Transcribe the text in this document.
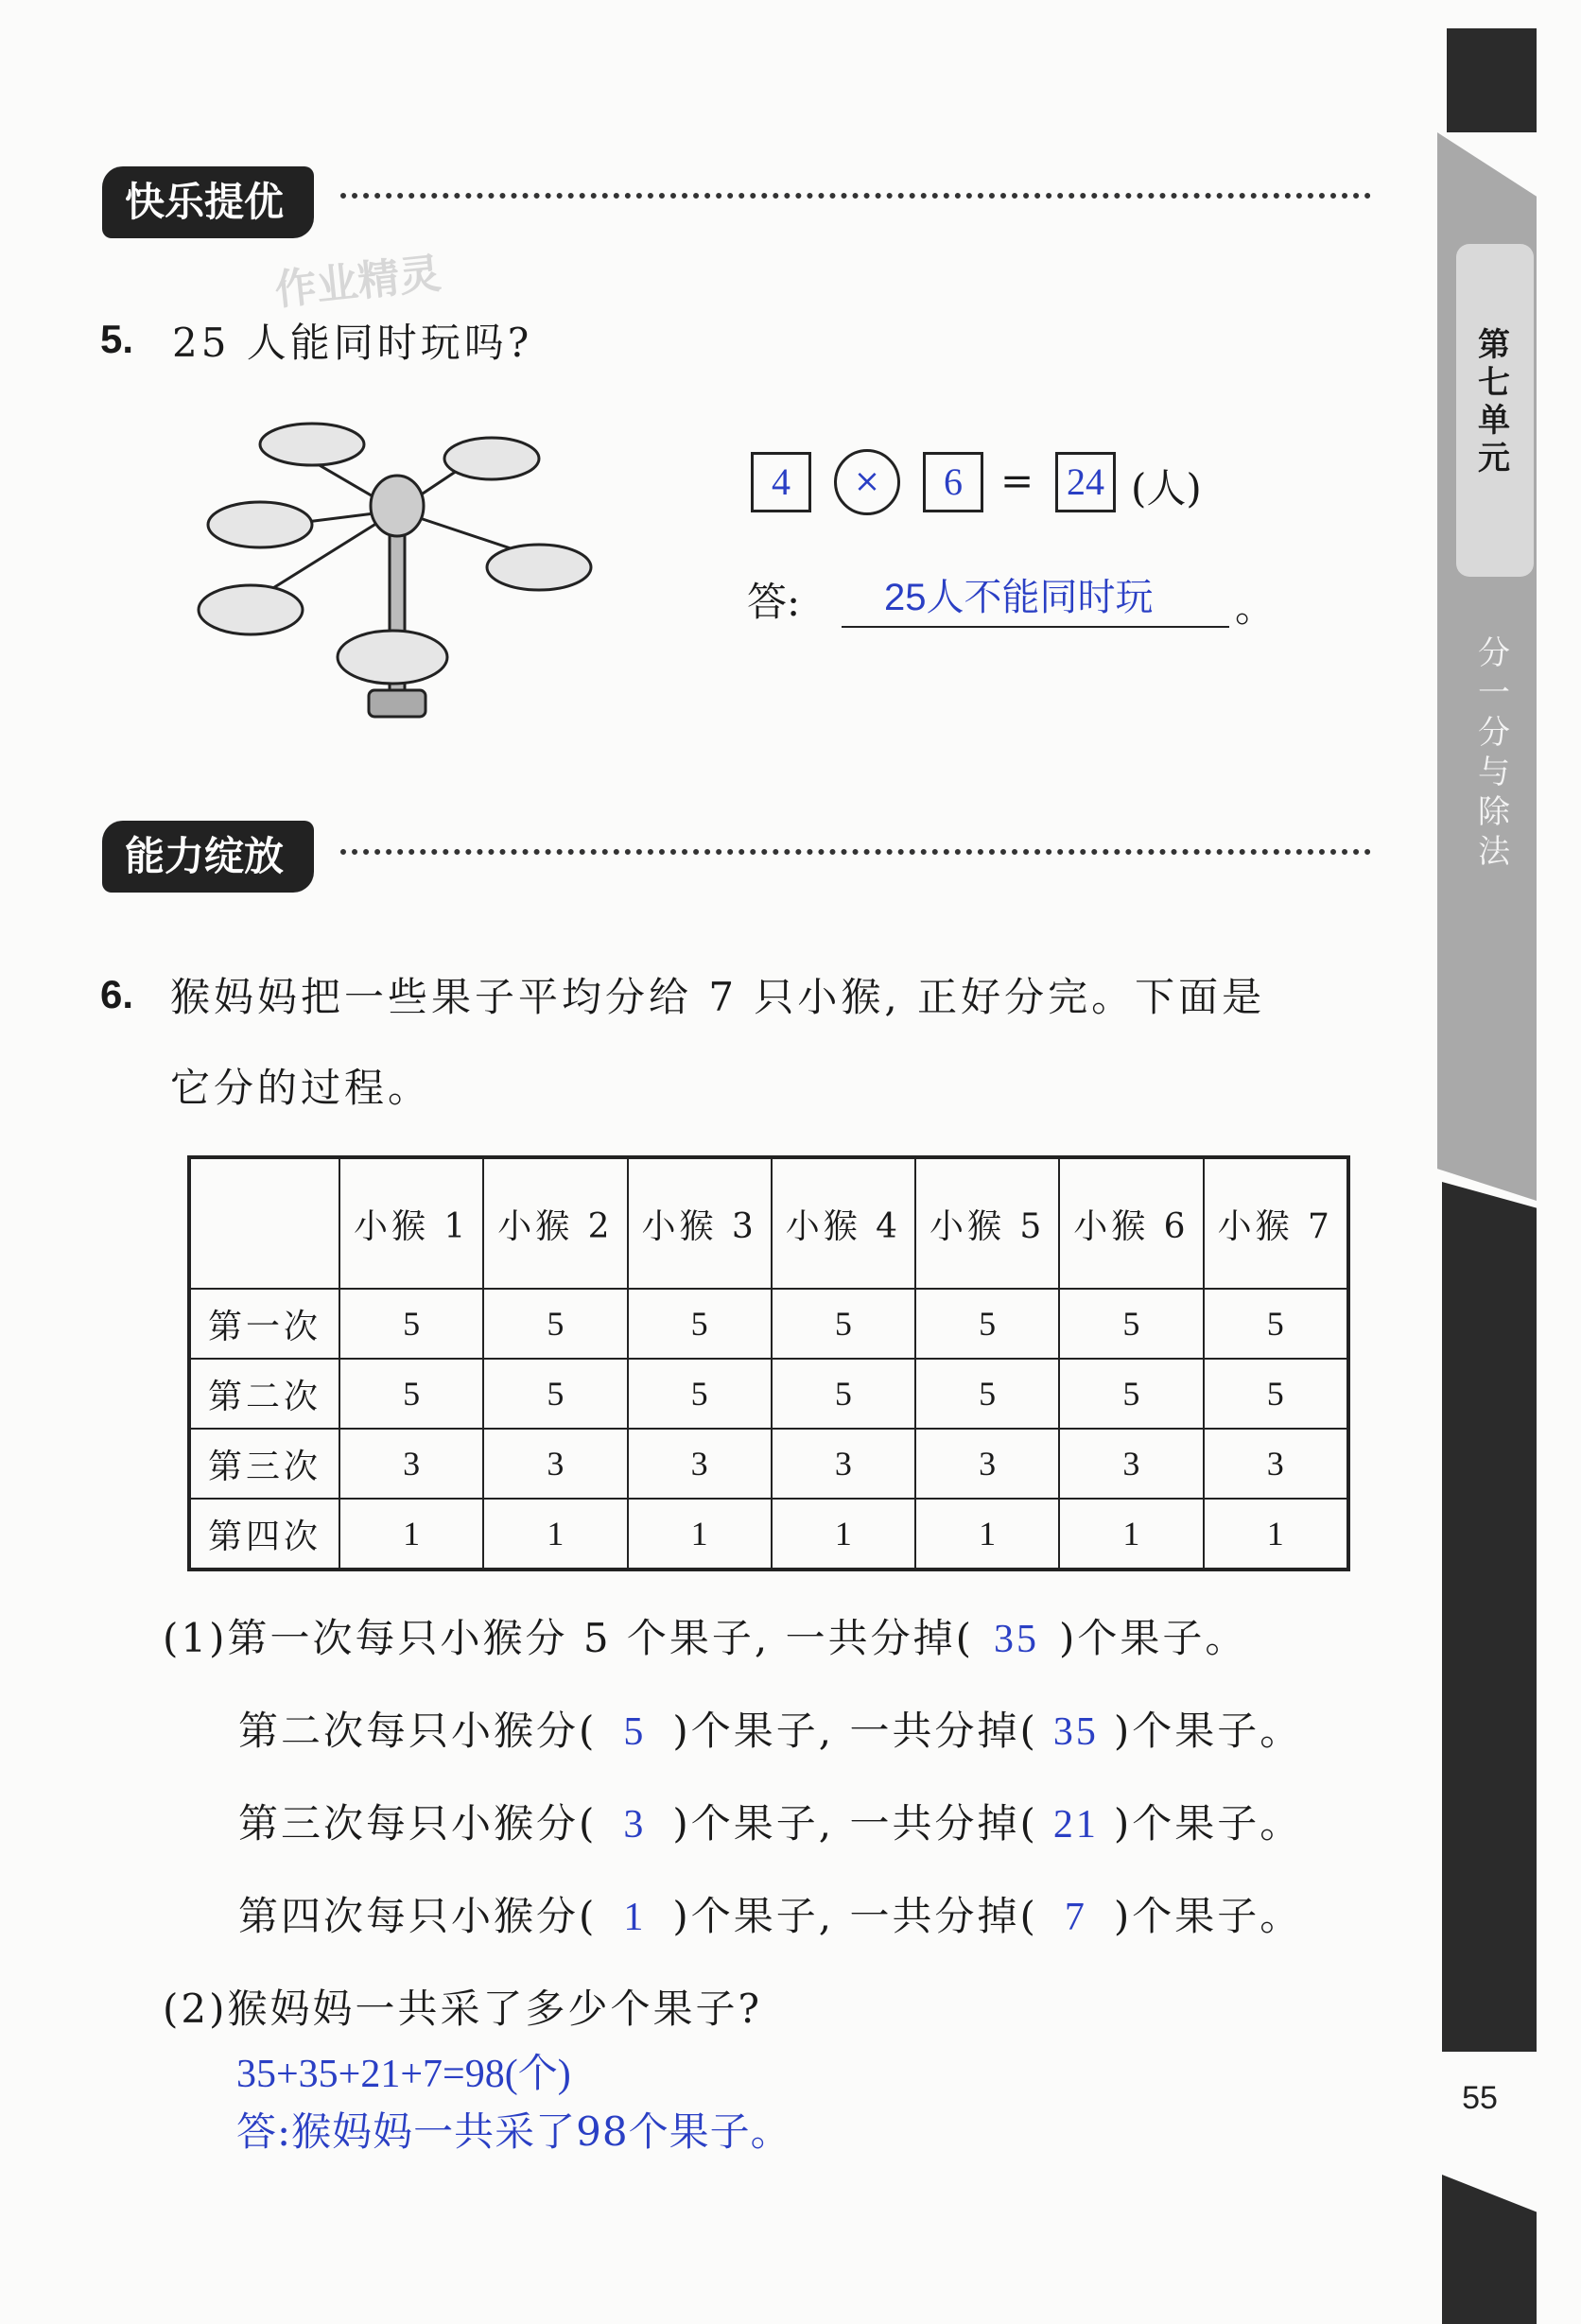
第七单元
分一分与除法
55
快乐提优
作业精灵
5. 25 人能同时玩吗?
4	×	6 = 24 (人)
答: 25人不能同时玩 。
能力绽放
6. 猴妈妈把一些果子平均分给 7 只小猴, 正好分完。下面是
它分的过程。
	小猴 1	小猴 2	小猴 3	小猴 4	小猴 5	小猴 6	小猴 7
第一次	5	5	5	5	5	5	5
第二次	5	5	5	5	5	5	5
第三次	3	3	3	3	3	3	3
第四次	1	1	1	1	1	1	1
(1)第一次每只小猴分 5 个果子, 一共分掉( 35 )个果子。
第二次每只小猴分( 5 )个果子, 一共分掉( 35 )个果子。
第三次每只小猴分( 3 )个果子, 一共分掉( 21 )个果子。
第四次每只小猴分( 1 )个果子, 一共分掉( 7 )个果子。
(2)猴妈妈一共采了多少个果子?
35+35+21+7=98(个)
答:猴妈妈一共采了98个果子。
